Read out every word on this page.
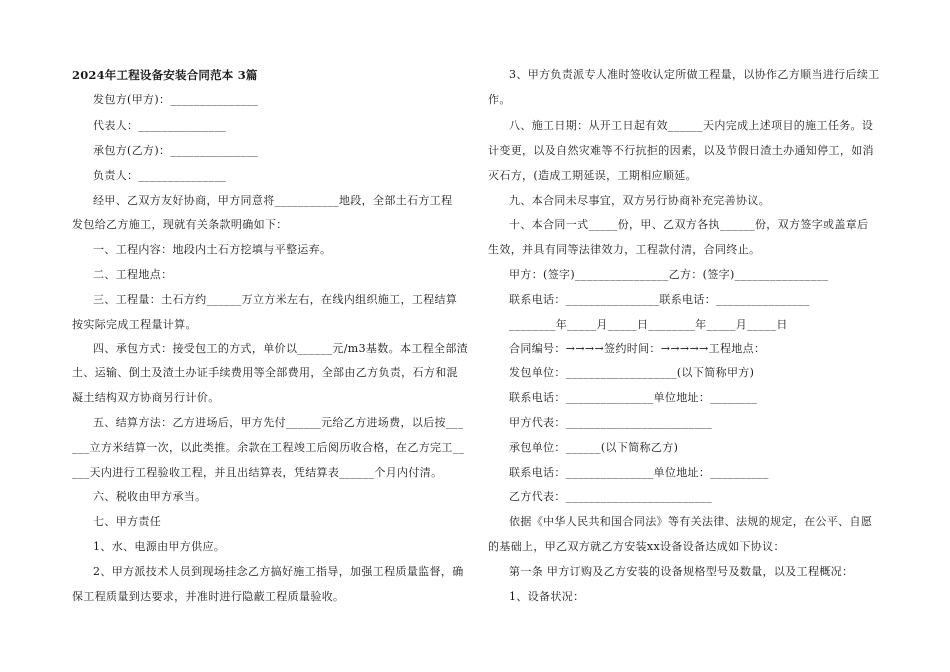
2024年工程设备安装合同范本 3篇
发包方(甲方)：_______________
代表人：_______________
承包方(乙方)：_______________
负责人：_______________
经甲、乙双方友好协商，甲方同意将___________地段，全部土石方工程
发包给乙方施工，现就有关条款明确如下：
一、工程内容：地段内土石方挖填与平整运弃。
二、工程地点：
三、工程量：土石方约______万立方米左右，在线内组织施工，工程结算
按实际完成工程量计算。
四、承包方式：接受包工的方式，单价以______元/m3基数。本工程全部渣
土、运输、倒土及渣土办证手续费用等全部费用，全部由乙方负责，石方和混
凝土结构双方协商另行计价。
五、结算方法：乙方进场后，甲方先付______元给乙方进场费，以后按___
___立方米结算一次，以此类推。余款在工程竣工后阅历收合格，在乙方完工__
___天内进行工程验收工程，并且出结算表，凭结算表______个月内付清。
六、税收由甲方承当。
七、甲方责任
1、水、电源由甲方供应。
2、甲方派技术人员到现场挂念乙方搞好施工指导，加强工程质量监督，确
保工程质量到达要求，并准时进行隐蔽工程质量验收。
3、甲方负责派专人准时签收认定所做工程量，以协作乙方顺当进行后续工
作。
八、施工日期：从开工日起有效______天内完成上述项目的施工任务。设
计变更，以及自然灾难等不行抗拒的因素，以及节假日渣土办通知停工，如消
灭石方，(造成工期延误，工期相应顺延。
九、本合同未尽事宜，双方另行协商补充完善协议。
十、本合同一式_____份，甲、乙双方各执______份，双方签字或盖章后
生效，并具有同等法律效力，工程款付清，合同终止。
甲方：(签字)________________乙方：(签字)________________
联系电话：________________联系电话：________________
________年_____月_____日________年_____月_____日
合同编号：→→→→签约时间：→→→→→工程地点：
发包单位：___________________(以下简称甲方)
联系电话：_______________单位地址：________
甲方代表：_________________________
承包单位：______(以下简称乙方)
联系电话：_______________单位地址：__________
乙方代表：_________________________
依据《中华人民共和国合同法》等有关法律、法规的规定，在公平、自愿
的基础上，甲乙双方就乙方安装xx设备设备达成如下协议：
第一条 甲方订购及乙方安装的设备规格型号及数量，以及工程概况：
1、设备状况：
